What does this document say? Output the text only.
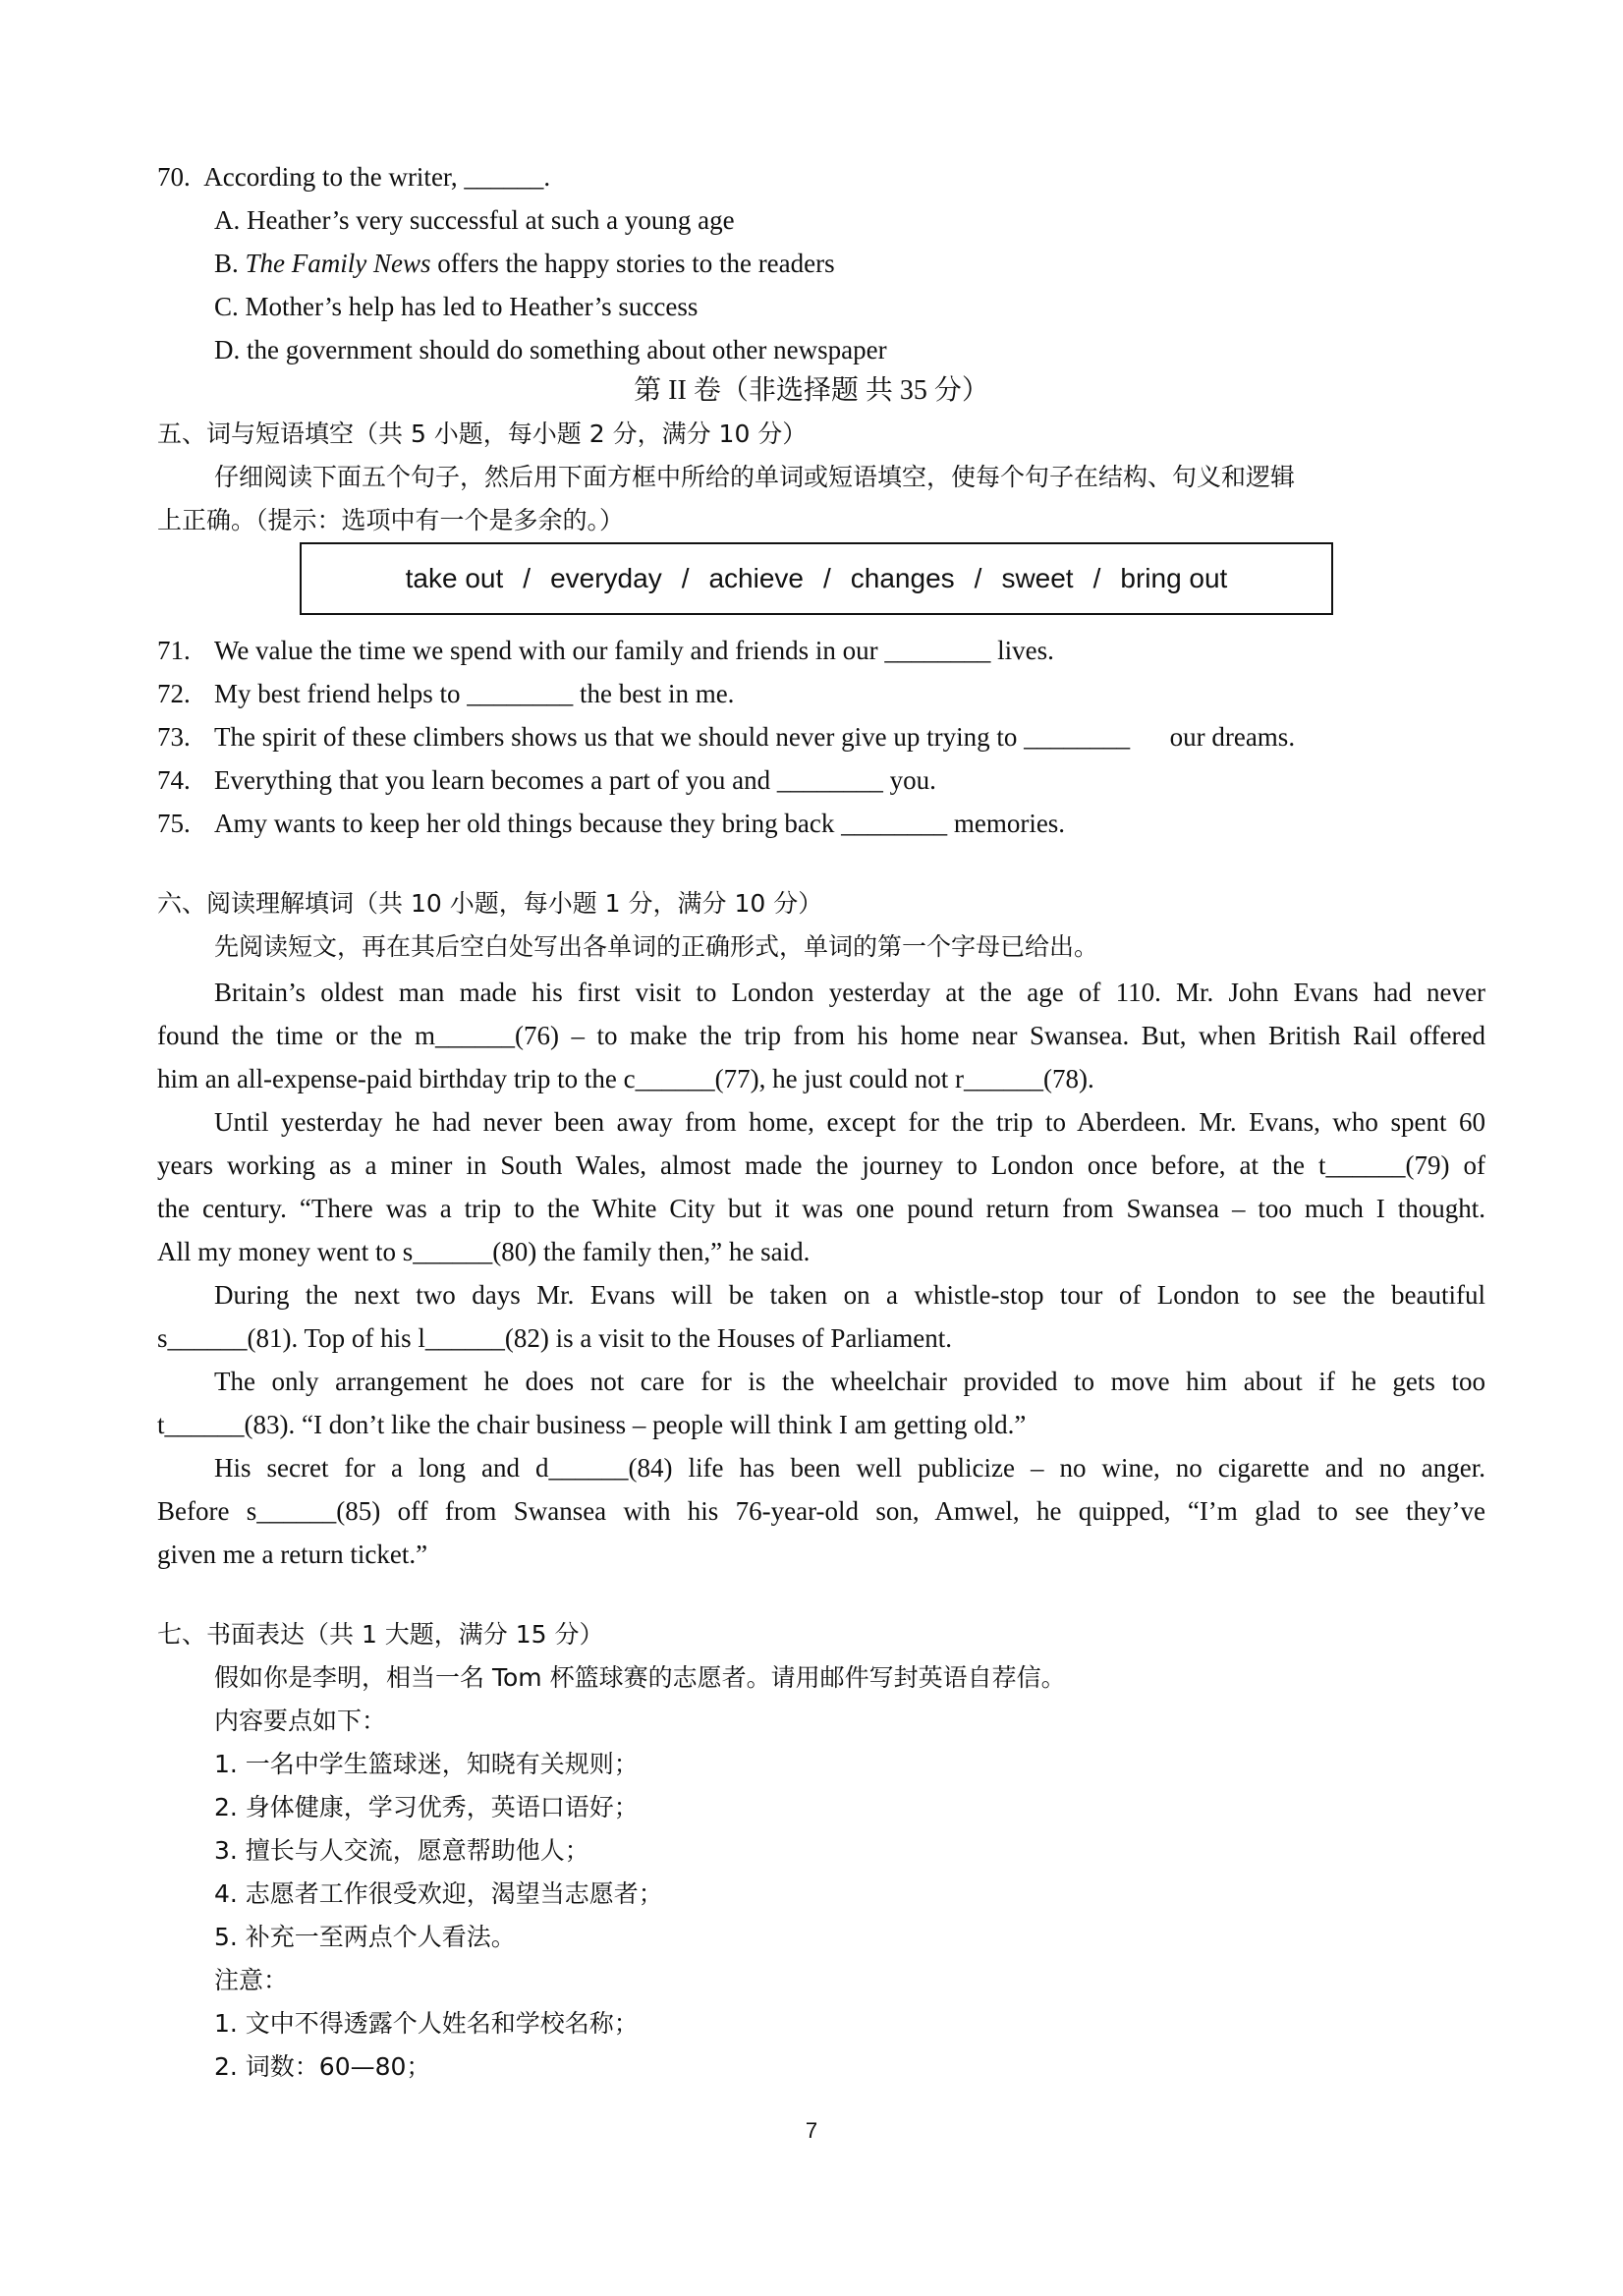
70.  According to the writer, ______.
A. Heather’s very successful at such a young age
B. The Family News offers the happy stories to the readers
C. Mother’s help has led to Heather’s success
D. the government should do something about other newspaper
第 II 卷（非选择题 共 35 分）
五、词与短语填空（共 5 小题，每小题 2 分，满分 10 分）
仔细阅读下面五个句子，然后用下面方框中所给的单词或短语填空，使每个句子在结构、句义和逻辑
上正确。（提示：选项中有一个是多余的。）
take out / everyday / achieve / changes / sweet / bring out
71. We value the time we spend with our family and friends in our ________ lives.
72. My best friend helps to ________ the best in me.
73. The spirit of these climbers shows us that we should never give up trying to ________      our dreams.
74. Everything that you learn becomes a part of you and ________ you.
75. Amy wants to keep her old things because they bring back ________ memories.
六、阅读理解填词（共 10 小题，每小题 1 分，满分 10 分）
先阅读短文，再在其后空白处写出各单词的正确形式，单词的第一个字母已给出。
Britain’s oldest man made his first visit to London yesterday at the age of 110. Mr. John Evans had never
found the time or the m______(76) – to make the trip from his home near Swansea. But, when British Rail offered
him an all-expense-paid birthday trip to the c______(77), he just could not r______(78).
Until yesterday he had never been away from home, except for the trip to Aberdeen. Mr. Evans, who spent 60
years working as a miner in South Wales, almost made the journey to London once before, at the t______(79) of
the century. “There was a trip to the White City but it was one pound return from Swansea – too much I thought.
All my money went to s______(80) the family then,” he said.
During the next two days Mr. Evans will be taken on a whistle-stop tour of London to see the beautiful
s______(81). Top of his l______(82) is a visit to the Houses of Parliament.
The only arrangement he does not care for is the wheelchair provided to move him about if he gets too
t______(83). “I don’t like the chair business – people will think I am getting old.”
His secret for a long and d______(84) life has been well publicize – no wine, no cigarette and no anger.
Before s______(85) off from Swansea with his 76-year-old son, Amwel, he quipped, “I’m glad to see they’ve
given me a return ticket.”
七、书面表达（共 1 大题，满分 15 分）
假如你是李明，相当一名 Tom 杯篮球赛的志愿者。请用邮件写封英语自荐信。
内容要点如下：
1. 一名中学生篮球迷，知晓有关规则；
2. 身体健康，学习优秀，英语口语好；
3. 擅长与人交流，愿意帮助他人；
4. 志愿者工作很受欢迎，渴望当志愿者；
5. 补充一至两点个人看法。
注意：
1. 文中不得透露个人姓名和学校名称；
2. 词数：60—80；
7
